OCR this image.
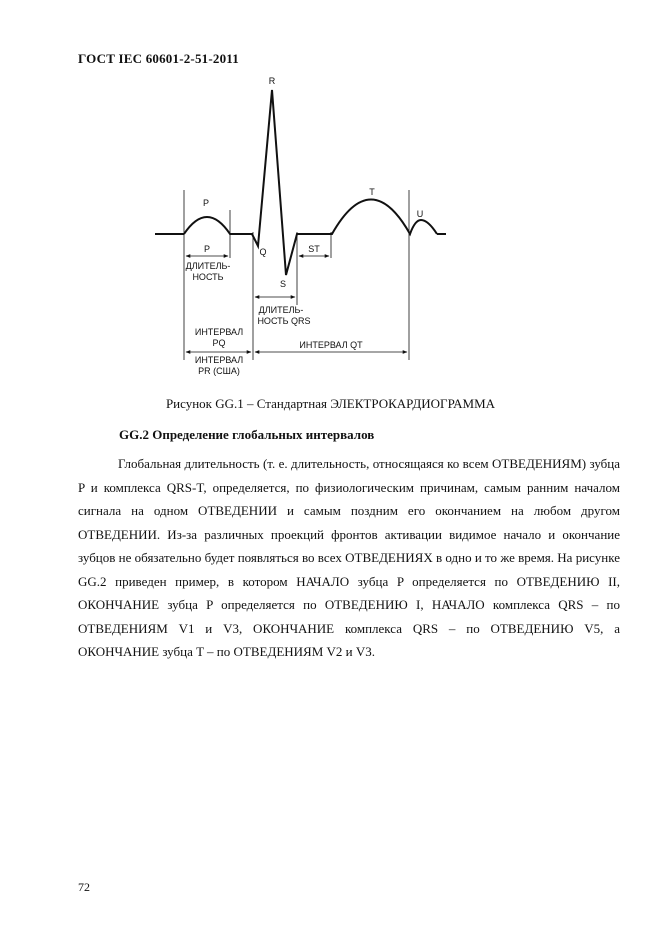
ГОСТ IEC 60601-2-51-2011
R
P
T
U
Q
S
P
ДЛИТЕЛЬ-
НОСТЬ
ST
ДЛИТЕЛЬ-
НОСТЬ QRS
ИНТЕРВАЛ
PQ
ИНТЕРВАЛ
PR (США)
ИНТЕРВАЛ QT
Рисунок GG.1 – Стандартная ЭЛЕКТРОКАРДИОГРАММА
GG.2 Определение глобальных интервалов

Глобальная длительность (т. е. длительность, относящаяся ко всем ОТВЕДЕНИЯМ) зубца P и комплекса QRS-T, определяется, по физиологическим причинам, самым ранним началом сигнала на одном ОТВЕДЕНИИ и самым поздним его окончанием на любом другом ОТВЕДЕНИИ. Из-за различных проекций фронтов активации видимое начало и окончание зубцов не обязательно будет появляться во всех ОТВЕДЕНИЯХ в одно и то же время. На рисунке GG.2 приведен пример, в котором НАЧАЛО зубца P определяется по ОТВЕДЕНИЮ II, ОКОНЧАНИЕ зубца P определяется по ОТВЕДЕНИЮ I, НАЧАЛО комплекса QRS – по ОТВЕДЕНИЯМ V1 и V3, ОКОНЧАНИЕ комплекса QRS – по ОТВЕДЕНИЮ V5, а ОКОНЧАНИЕ зубца T – по ОТВЕДЕНИЯМ V2 и V3.

72
